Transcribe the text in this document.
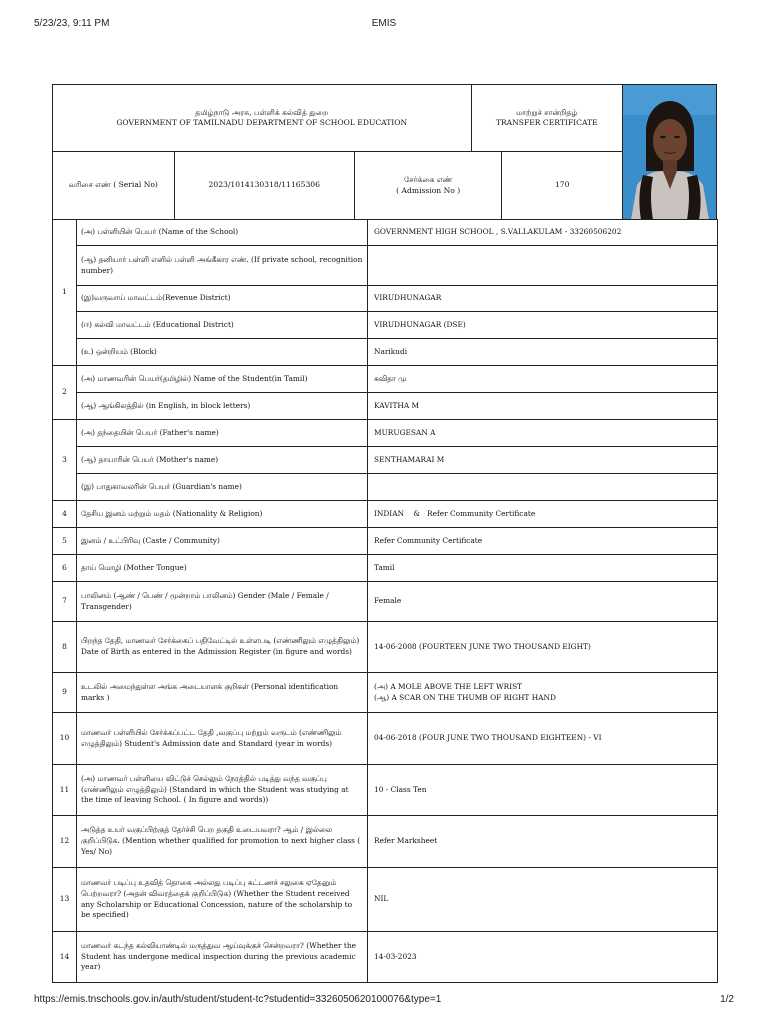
5/23/23, 9:11 PM	EMIS
தமிழ்நாடு அரசு, பள்ளிக் கல்வித் துறை
GOVERNMENT OF TAMILNADU DEPARTMENT OF SCHOOL EDUCATION
மாற்றுச் சான்றிதழ்
TRANSFER CERTIFICATE
வரிசை எண் ( Serial No)	2023/1014130318/11165306
சேர்க்கை எண்
( Admission No )
170
1	(அ) பள்ளியின் பெயர் (Name of the School)	GOVERNMENT HIGH SCHOOL , S.VALLAKULAM - 33260506202
	(ஆ) தனியார் பள்ளி எனில் பள்ளி அங்கீகார எண். (If private school, recognition number)	
	(இ)வருவாய் மாவட்டம்(Revenue District)	VIRUDHUNAGAR
	(ஈ) கல்வி மாவட்டம் (Educational District)	VIRUDHUNAGAR (DSE)
	(உ) ஒன்றியம் (Block)	Narikudi
2	(அ) மாணவரின் பெயர்(தமிழில்) Name of the Student(in Tamil)	கவிதா மு
	(ஆ) ஆங்கிலத்தில் (in English, in block letters)	KAVITHA M
3	(அ) தந்தையின் பெயர் (Father's name)	MURUGESAN A
	(ஆ) தாயாரின் பெயர் (Mother's name)	SENTHAMARAI M
	(இ) பாதுகாவலரின் பெயர் (Guardian's name)	
4	தேசிய இனம் மற்றும் மதம் (Nationality & Religion)	INDIAN    &   Refer Community Certificate
5	இனம் / உட்பிரிவு (Caste / Community)	Refer Community Certificate
6	தாய் மொழி (Mother Tongue)	Tamil
7	பாலினம் (ஆண் / பெண் / மூன்றாம் பாலினம்) Gender (Male / Female / Transgender)	Female
8	பிறந்த தேதி, மாணவர் சேர்க்கைப் பதிவேட்டில் உள்ளபடி (எண்ணிலும் எழுத்திலும்) Date of Birth as entered in the Admission Register (in figure and words)	14-06-2008 (FOURTEEN JUNE TWO THOUSAND EIGHT)
9	உடலில் அமைந்துள்ள அங்க அடையாளக் குறிகள் (Personal identification marks )	(அ) A MOLE ABOVE THE LEFT WRIST
(ஆ) A SCAR ON THE THUMB OF RIGHT HAND

10	மாணவர் பள்ளியில் சேர்க்கப்பட்ட தேதி ,வகுப்பு மற்றும் வருடம் (எண்ணிலும் எழுத்திலும்) Student's Admission date and Standard (year in words)	04-06-2018 (FOUR JUNE TWO THOUSAND EIGHTEEN) - VI
11	(அ) மாணவர் பள்ளியை விட்டுச் செல்லும் நேரத்தில் படித்து வந்த வகுப்பு (எண்ணிலும் எழுத்திலும்) (Standard in which the Student was studying at the time of leaving School. ( In figure and words))	10 - Class Ten
12	அடுத்த உயர் வகுப்பிற்குத் தேர்ச்சி பெற தகுதி உடையவரா? ஆம் / இல்லை குறிப்பிடுக. (Mention whether qualified for promotion to next higher class ( Yes/ No)	Refer Marksheet
13	மாணவர் படிப்பு உதவித் தொகை அல்லது படிப்பு கட்டணச் சலுகை ஏதேனும் பெற்றவரா? (அதன் விவரத்தைக் குறிப்பிடுக) (Whether the Student received any Scholarship or Educational Concession, nature of the scholarship to be specified)	NIL
14	மாணவர் கடந்த கல்வியாண்டில் மருத்துவ ஆய்வுக்குச் சென்றவரா? (Whether the Student has undergone medical inspection during the previous academic year)	14-03-2023
https://emis.tnschools.gov.in/auth/student/student-tc?studentid=3326050620100076&type=1	1/2
